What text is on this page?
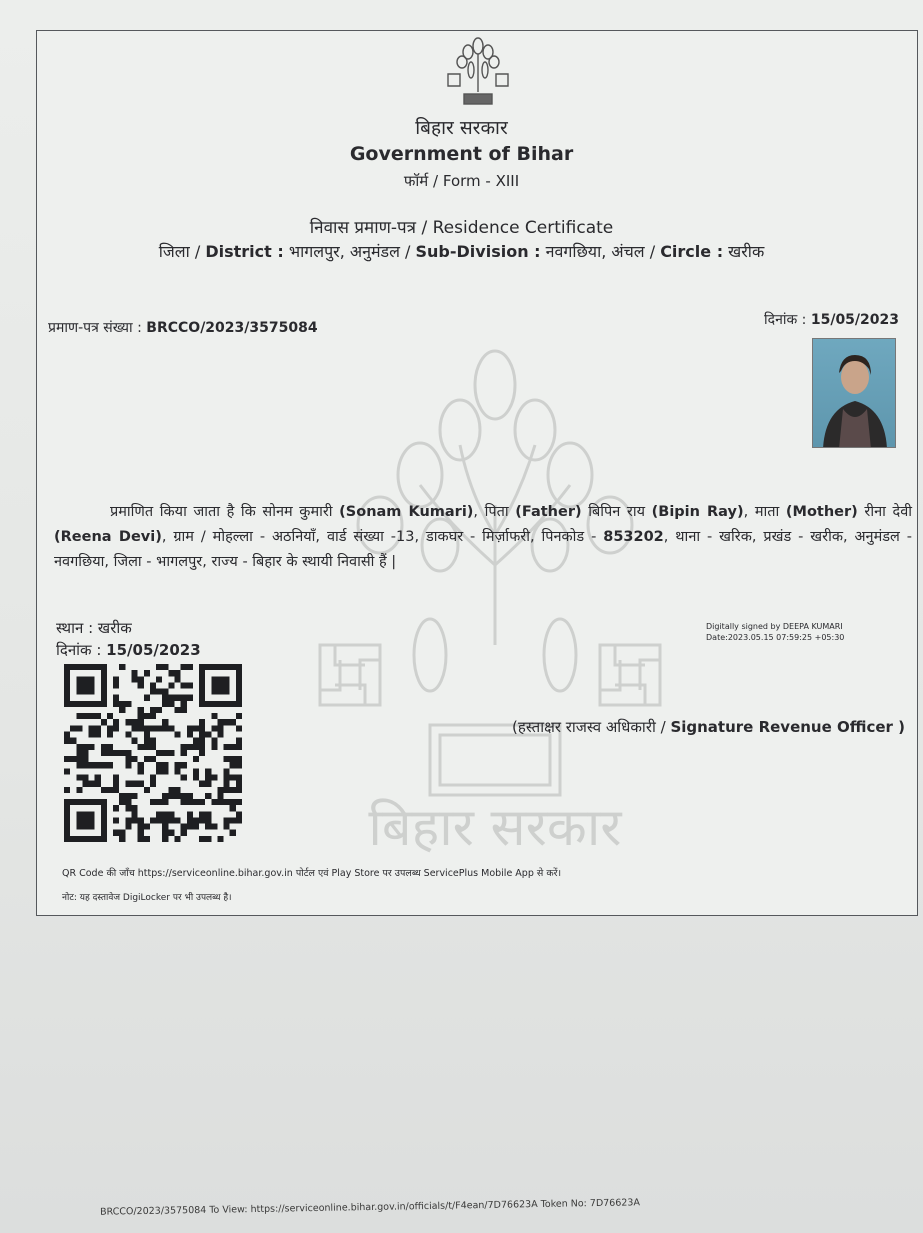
बिहार सरकार
बिहार सरकार
Government of Bihar
फॉर्म / Form - XIII
निवास प्रमाण-पत्र / Residence Certificate
जिला / District : भागलपुर, अनुमंडल / Sub-Division : नवगछिया, अंचल / Circle : खरीक
प्रमाण-पत्र संख्या : BRCCO/2023/3575084	दिनांक : 15/05/2023
प्रमाणित किया जाता है कि सोनम कुमारी (Sonam Kumari), पिता (Father) बिपिन राय (Bipin Ray), माता (Mother) रीना देवी (Reena Devi), ग्राम / मोहल्ला - अठनियाँ, वार्ड संख्या -13, डाकघर - मिर्ज़ाफरी, पिनकोड - 853202, थाना - खरिक, प्रखंड - खरीक, अनुमंडल - नवगछिया, जिला - भागलपुर, राज्य - बिहार के स्थायी निवासी हैं |
स्थान : खरीक
दिनांक : 15/05/2023
Digitally signed by DEEPA KUMARI
Date:2023.05.15 07:59:25 +05:30
(हस्ताक्षर राजस्व अधिकारी / Signature Revenue Officer )
QR Code की जाँच https://serviceonline.bihar.gov.in पोर्टल एवं Play Store पर उपलब्ध ServicePlus Mobile App से करें।
नोट: यह दस्तावेज DigiLocker पर भी उपलब्ध है।
BRCCO/2023/3575084 To View: https://serviceonline.bihar.gov.in/officials/t/F4ean/7D76623A Token No: 7D76623A
